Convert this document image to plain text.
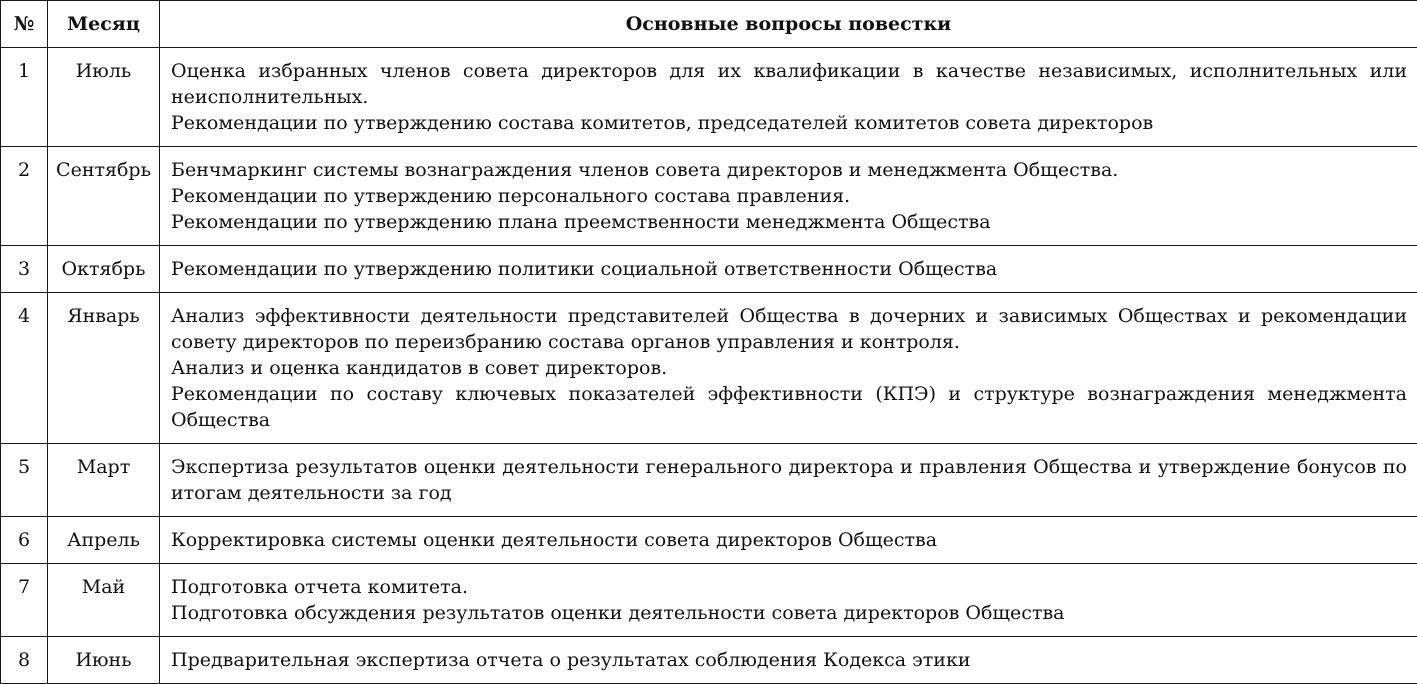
№	Месяц	Основные вопросы повестки
1	Июль	Оценка избранных членов совета директоров для их квалификации в качестве независимых, исполнительных или неисполнительных.

Рекомендации по утверждению состава комитетов, председателей комитетов совета директоров

2	Сентябрь	Бенчмаркинг системы вознаграждения членов совета директоров и менеджмента Общества.

Рекомендации по утверждению персонального состава правления.

Рекомендации по утверждению плана преемственности менеджмента Общества

3	Октябрь	Рекомендации по утверждению политики социальной ответственности Общества

4	Январь	Анализ эффективности деятельности представителей Общества в дочерних и зависимых Обществах и рекомендации совету директоров по переизбранию состава органов управления и контроля.

Анализ и оценка кандидатов в совет директоров.

Рекомендации по составу ключевых показателей эффективности (КПЭ) и структуре вознаграждения менеджмента Общества

5	Март	Экспертиза результатов оценки деятельности генерального директора и правления Общества и утверждение бонусов по итогам деятельности за год

6	Апрель	Корректировка системы оценки деятельности совета директоров Общества

7	Май	Подготовка отчета комитета.

Подготовка обсуждения результатов оценки деятельности совета директоров Общества

8	Июнь	Предварительная экспертиза отчета о результатах соблюдения Кодекса этики
